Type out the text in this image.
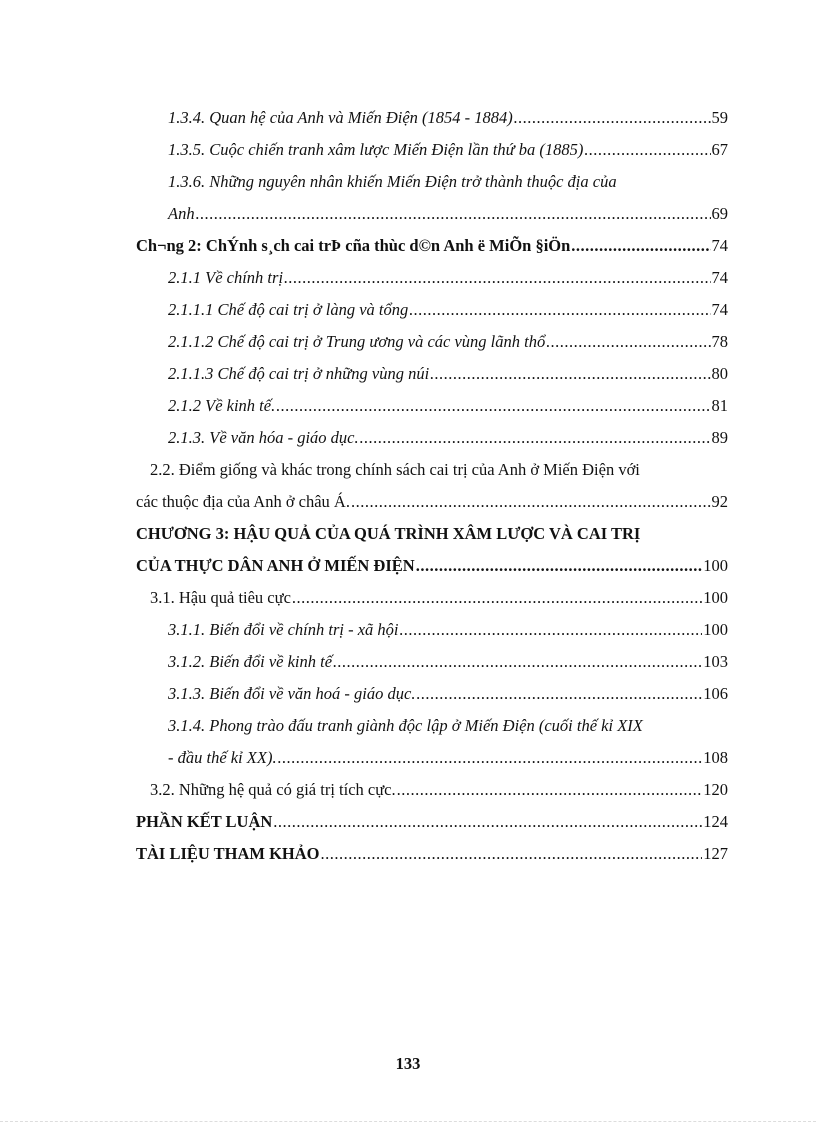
1.3.4. Quan hệ của Anh và Miến Điện (1854 - 1884) .....	59
1.3.5. Cuộc chiến tranh xâm lược Miến Điện lần thứ ba (1885) .....	67
1.3.6. Những nguyên nhân khiến Miến Điện trở thành thuộc địa của
Anh .....	69
Ch¬ng 2: ChÝnh s¸ch cai trÞ cña thùc d©n Anh ë MiÕn §iÖn .....	74
2.1.1 Về chính trị .....	74
2.1.1.1 Chế độ cai trị ở làng và tổng .....	74
2.1.1.2 Chế độ cai trị ở Trung ương và các vùng lãnh thổ .....	78
2.1.1.3 Chế độ cai trị ở những vùng núi .....	80
2.1.2 Về kinh tế. .....	81
2.1.3. Về văn hóa - giáo dục. .....	89
2.2. Điểm giống và khác trong chính sách cai trị của Anh ở Miến Điện với
các thuộc địa của Anh ở châu Á. .....	92
CHƯƠNG 3: HẬU QUẢ CỦA QUÁ TRÌNH XÂM LƯỢC VÀ CAI TRỊ
CỦA THỰC DÂN ANH Ở MIẾN ĐIỆN .....	100
3.1. Hậu quả tiêu cực .....	100
3.1.1. Biến đổi về chính trị - xã hội .....	100
3.1.2. Biến đổi về kinh tế .....	103
3.1.3. Biến đổi về văn hoá - giáo dục. .....	106
3.1.4. Phong trào đấu tranh giành độc lập ở Miến Điện (cuối thế kỉ XIX
- đầu thế kỉ XX). .....	108
3.2. Những hệ quả có giá trị tích cực. .....	120
PHẦN KẾT LUẬN .....	124
TÀI LIỆU THAM KHẢO .....	127
133
